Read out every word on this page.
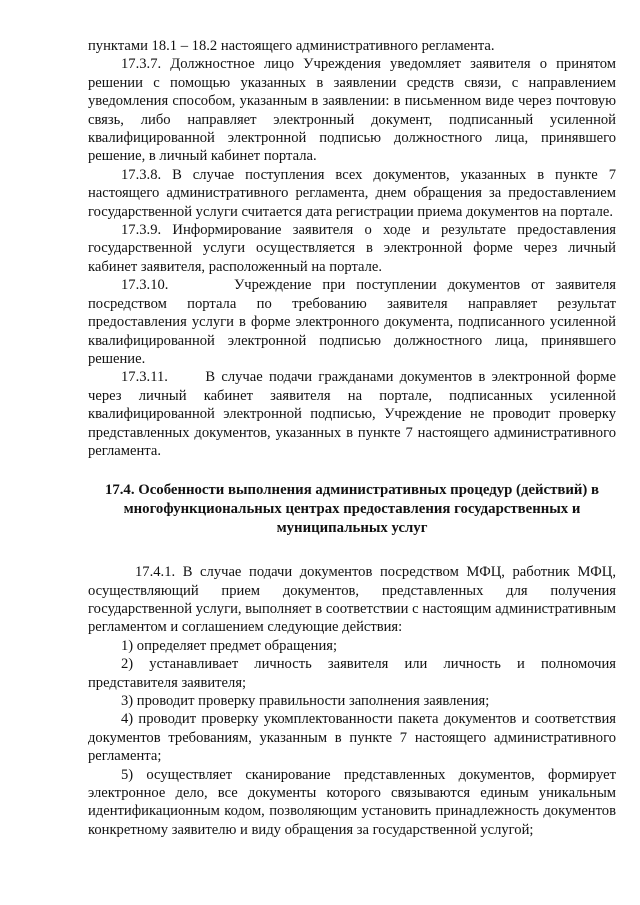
пунктами 18.1 – 18.2 настоящего административного регламента.

17.3.7. Должностное лицо Учреждения уведомляет заявителя о принятом решении с помощью указанных в заявлении средств связи, с направлением уведомления способом, указанным в заявлении: в письменном виде через почтовую связь, либо направляет электронный документ, подписанный усиленной квалифицированной электронной подписью должностного лица, принявшего решение, в личный кабинет портала.

17.3.8. В случае поступления всех документов, указанных в пункте 7 настоящего административного регламента, днем обращения за предоставлением государственной услуги считается дата регистрации приема документов на портале.

17.3.9. Информирование заявителя о ходе и результате предоставления государственной услуги осуществляется в электронной форме через личный кабинет заявителя, расположенный на портале.

17.3.10.      Учреждение при поступлении документов от заявителя посредством портала по требованию заявителя направляет результат предоставления услуги в форме электронного документа, подписанного усиленной квалифицированной электронной подписью должностного лица, принявшего решение.

17.3.11.      В случае подачи гражданами документов в электронной форме через личный кабинет заявителя на портале, подписанных усиленной квалифицированной электронной подписью, Учреждение не проводит проверку представленных документов, указанных в пункте 7 настоящего административного регламента.

17.4. Особенности выполнения административных процедур (действий) в многофункциональных центрах предоставления государственных и муниципальных услуг

17.4.1. В случае подачи документов посредством МФЦ, работник МФЦ, осуществляющий прием документов, представленных для получения государственной услуги, выполняет в соответствии с настоящим административным регламентом и соглашением следующие действия:

1) определяет предмет обращения;

2) устанавливает личность заявителя или личность и полномочия представителя заявителя;

3) проводит проверку правильности заполнения заявления;

4) проводит проверку укомплектованности пакета документов и соответствия документов требованиям, указанным в пункте 7 настоящего административного регламента;

5) осуществляет сканирование представленных документов, формирует электронное дело, все документы которого связываются единым уникальным идентификационным кодом, позволяющим установить принадлежность документов конкретному заявителю и виду обращения за государственной услугой;
